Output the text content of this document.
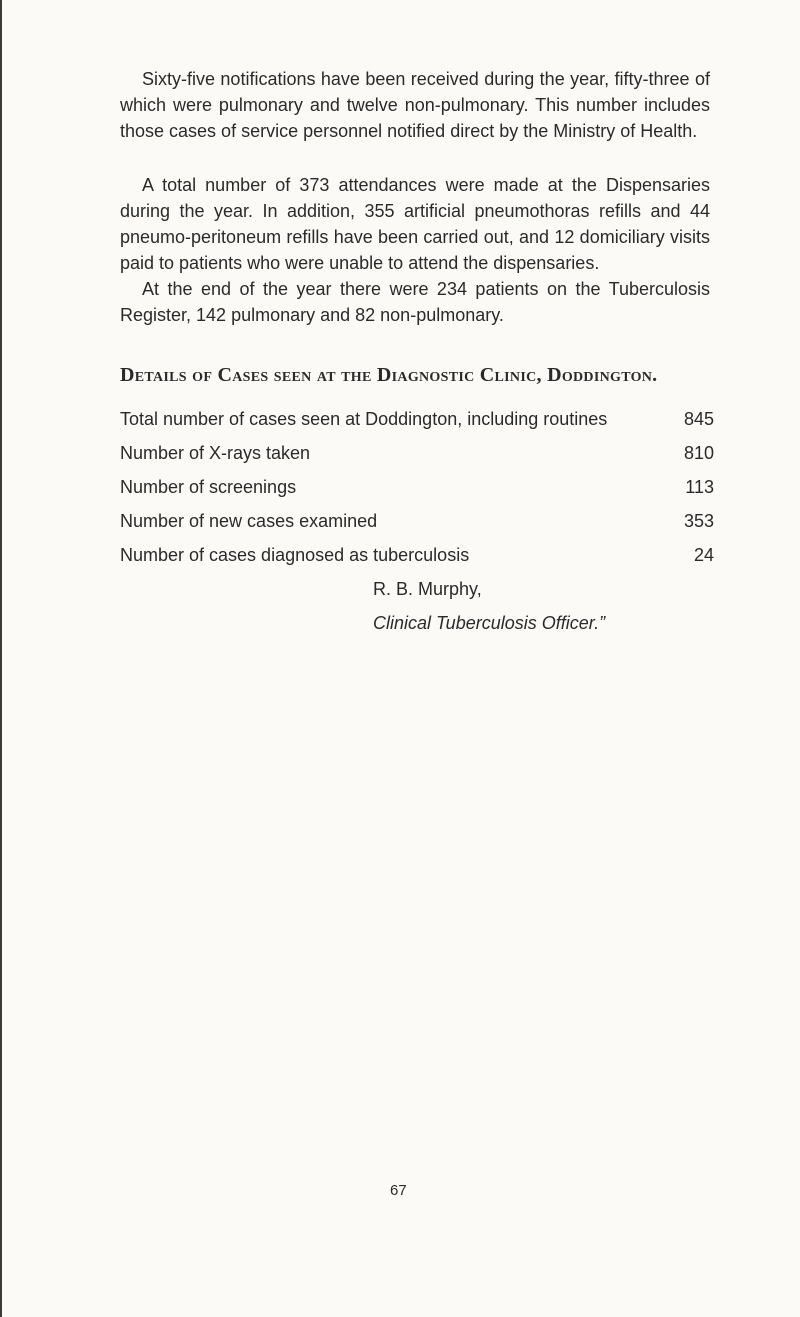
Sixty-five notifications have been received during the year, fifty-three of which were pulmonary and twelve non-pulmonary. This number includes those cases of service personnel notified direct by the Ministry of Health.

A total number of 373 attendances were made at the Dispensaries during the year. In addition, 355 artificial pneumothoras refills and 44 pneumo-peritoneum refills have been carried out, and 12 domiciliary visits paid to patients who were unable to attend the dispensaries.

At the end of the year there were 234 patients on the Tuberculosis Register, 142 pulmonary and 82 non-pulmonary.

Details of Cases seen at the Diagnostic Clinic, Doddington.
Total number of cases seen at Doddington, including routines	845
Number of X-rays taken	810
Number of screenings	113
Number of new cases examined	353
Number of cases diagnosed as tuberculosis	24
R. B. Murphy,
Clinical Tuberculosis Officer.”
67
